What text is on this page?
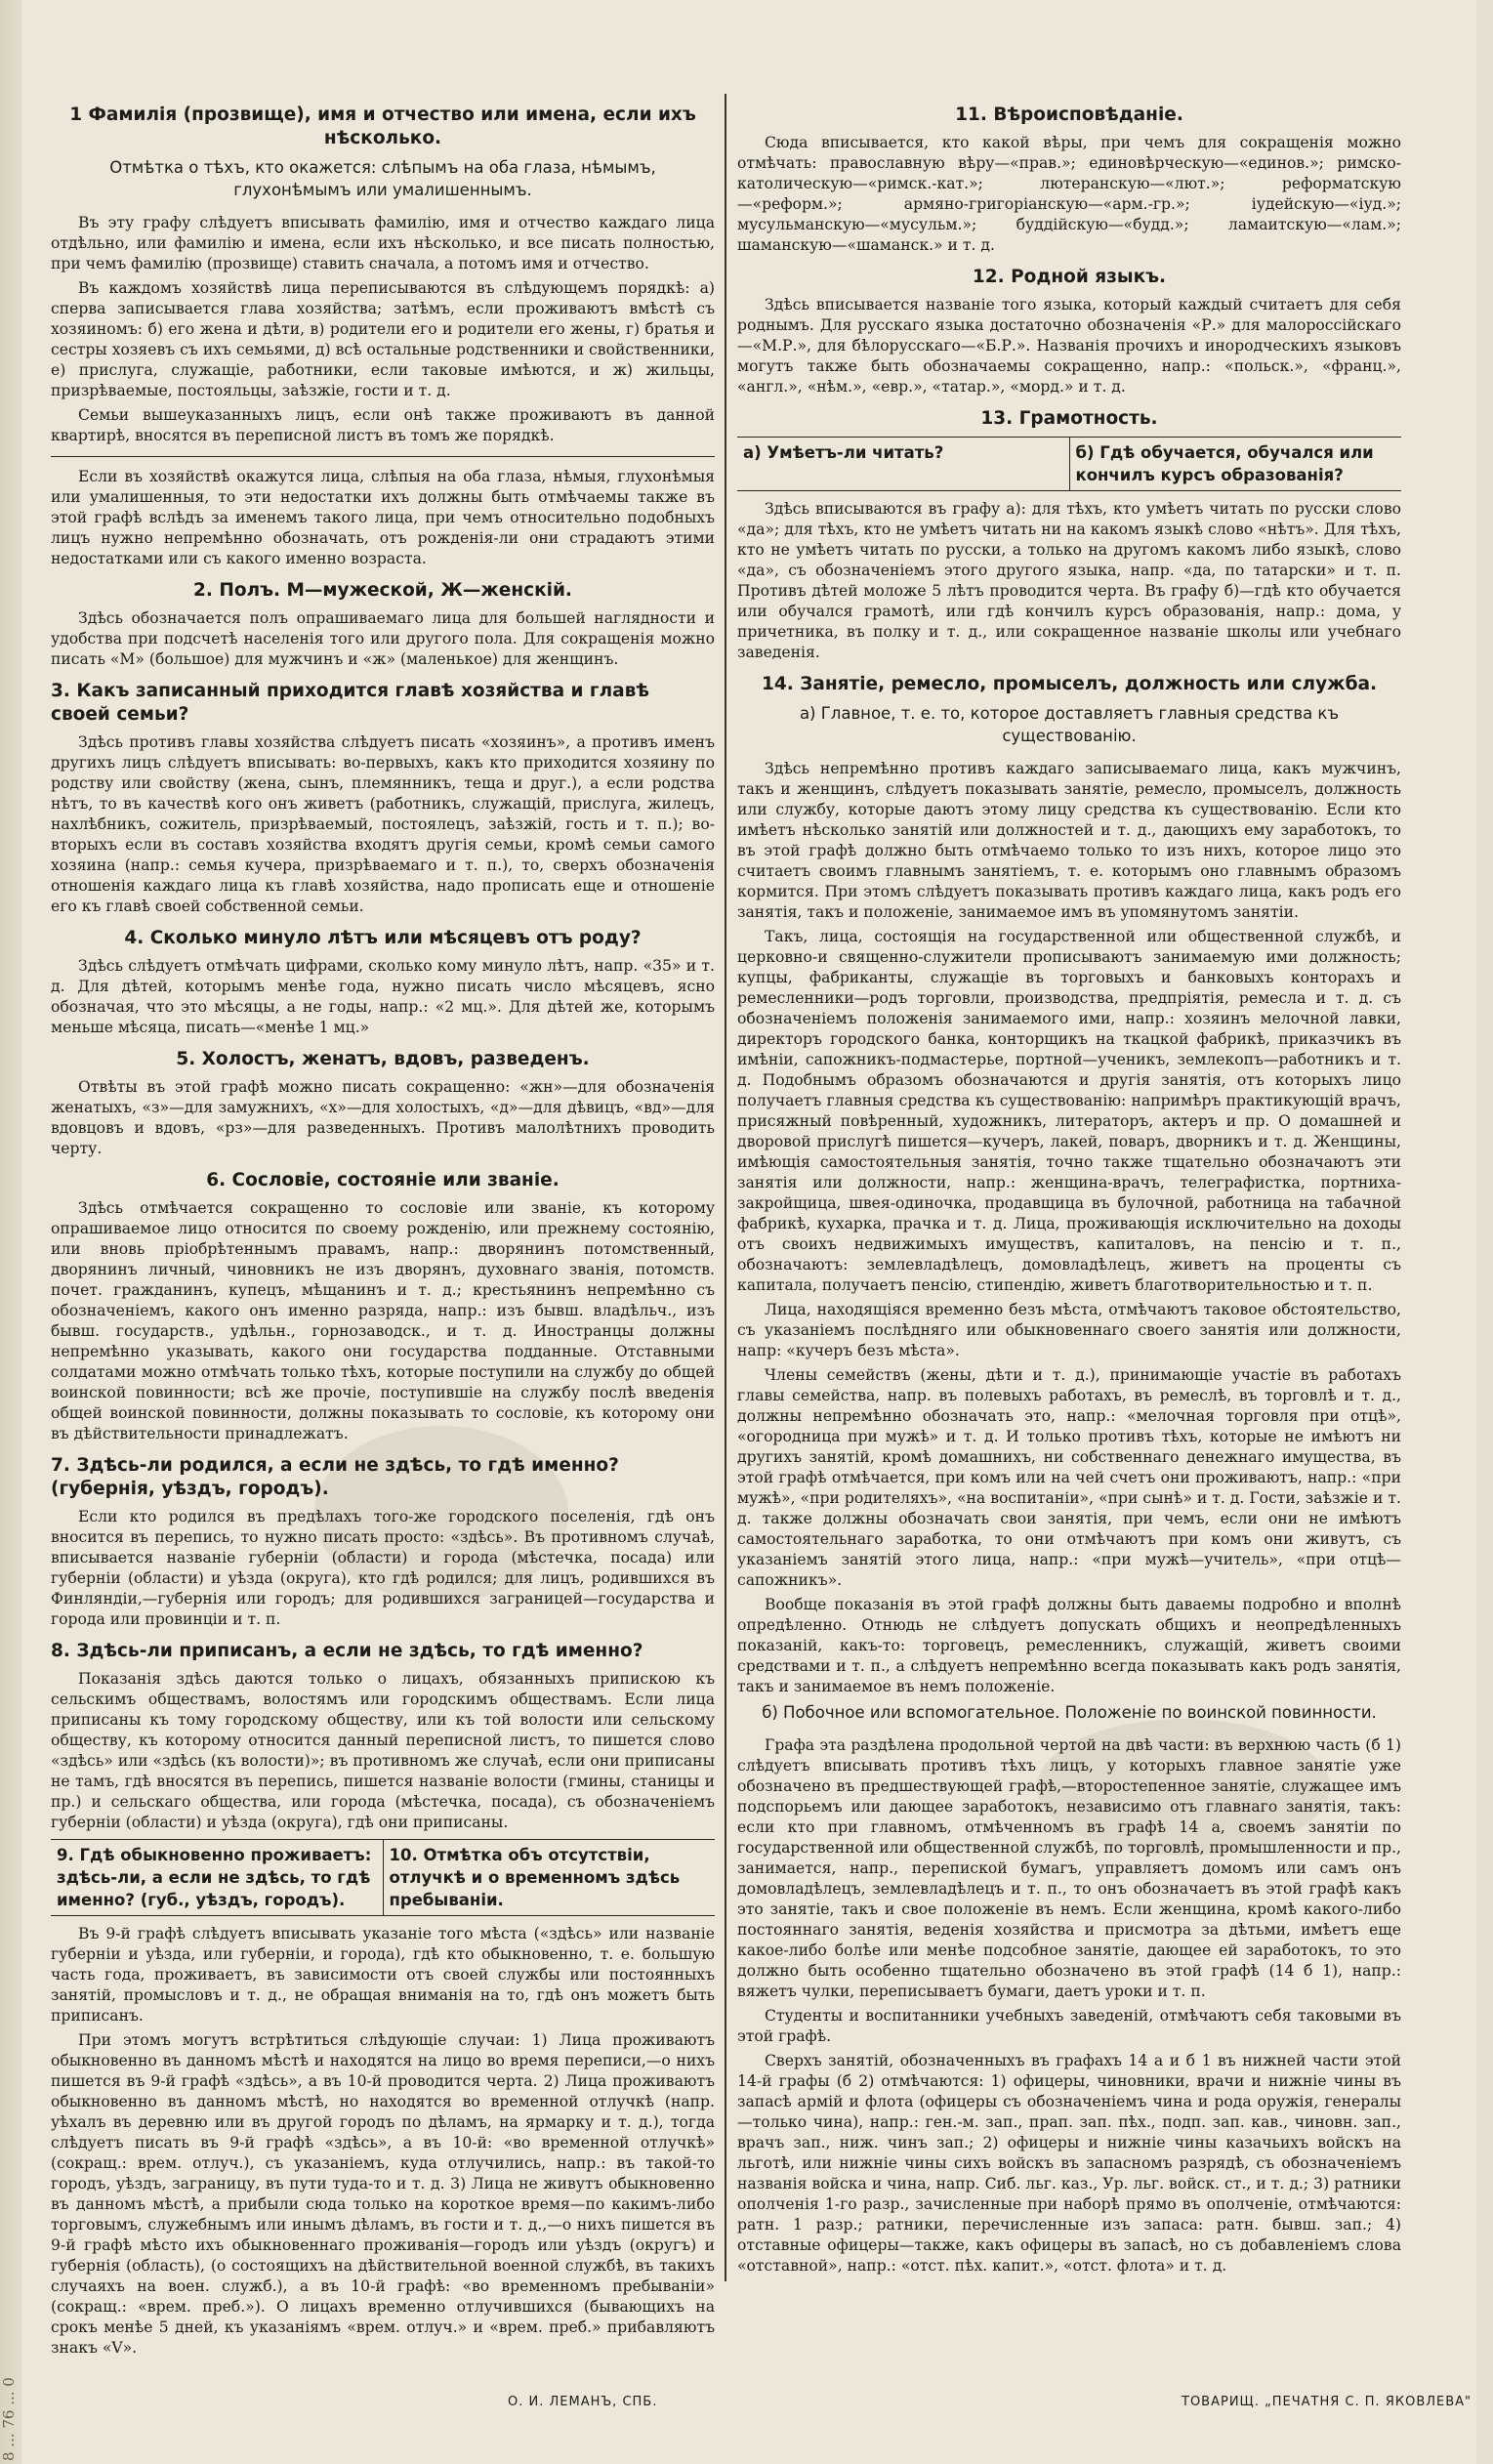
8 ... 76 ... 0
1 Фамилія (прозвище), имя и отчество или имена, если ихъ нѣсколько.
Отмѣтка о тѣхъ, кто окажется: слѣпымъ на оба глаза, нѣмымъ, глухонѣмымъ или умалишеннымъ.

Въ эту графу слѣдуетъ вписывать фамилію, имя и отчество каждаго лица отдѣльно, или фамилію и имена, если ихъ нѣсколько, и все писать полностью, при чемъ фамилію (прозвище) ставить сначала, а потомъ имя и отчество.

Въ каждомъ хозяйствѣ лица переписываются въ слѣдующемъ порядкѣ: а) сперва записывается глава хозяйства; затѣмъ, если проживаютъ вмѣстѣ съ хозяиномъ: б) его жена и дѣти, в) родители его и родители его жены, г) братья и сестры хозяевъ съ ихъ семьями, д) всѣ остальные родственники и свойственники, е) прислуга, служащіе, работники, если таковые имѣются, и ж) жильцы, призрѣваемые, постояльцы, заѣзжіе, гости и т. д.

Семьи вышеуказанныхъ лицъ, если онѣ также проживаютъ въ данной квартирѣ, вносятся въ переписной листъ въ томъ же порядкѣ.

Если въ хозяйствѣ окажутся лица, слѣпыя на оба глаза, нѣмыя, глухонѣмыя или умалишенныя, то эти недостатки ихъ должны быть отмѣчаемы также въ этой графѣ вслѣдъ за именемъ такого лица, при чемъ относительно подобныхъ лицъ нужно непремѣнно обозначать, отъ рожденія-ли они страдаютъ этими недостатками или съ какого именно возраста.

2. Полъ. М—мужеской, Ж—женскій.

Здѣсь обозначается полъ опрашиваемаго лица для большей наглядности и удобства при подсчетѣ населенія того или другого пола. Для сокращенія можно писать «М» (большое) для мужчинъ и «ж» (маленькое) для женщинъ.

3. Какъ записанный приходится главѣ хозяйства и главѣ своей семьи?

Здѣсь противъ главы хозяйства слѣдуетъ писать «хозяинъ», а противъ именъ другихъ лицъ слѣдуетъ вписывать: во-первыхъ, какъ кто приходится хозяину по родству или свойству (жена, сынъ, племянникъ, теща и друг.), а если родства нѣтъ, то въ качествѣ кого онъ живетъ (работникъ, служащій, прислуга, жилецъ, нахлѣбникъ, сожитель, призрѣваемый, постоялецъ, заѣзжій, гость и т. п.); во-вторыхъ если въ составъ хозяйства входятъ другія семьи, кромѣ семьи самого хозяина (напр.: семья кучера, призрѣваемаго и т. п.), то, сверхъ обозначенія отношенія каждаго лица къ главѣ хозяйства, надо прописать еще и отношеніе его къ главѣ своей собственной семьи.

4. Сколько минуло лѣтъ или мѣсяцевъ отъ роду?

Здѣсь слѣдуетъ отмѣчать цифрами, сколько кому минуло лѣтъ, напр. «35» и т. д. Для дѣтей, которымъ менѣе года, нужно писать число мѣсяцевъ, ясно обозначая, что это мѣсяцы, а не годы, напр.: «2 мц.». Для дѣтей же, которымъ меньше мѣсяца, писать—«менѣе 1 мц.»

5. Холостъ, женатъ, вдовъ, разведенъ.

Отвѣты въ этой графѣ можно писать сокращенно: «жн»—для обозначенія женатыхъ, «з»—для замужнихъ, «х»—для холостыхъ, «д»—для дѣвицъ, «вд»—для вдовцовъ и вдовъ, «рз»—для разведенныхъ. Противъ малолѣтнихъ проводить черту.

6. Сословіе, состояніе или званіе.

Здѣсь отмѣчается сокращенно то сословіе или званіе, къ которому опрашиваемое лицо относится по своему рожденію, или прежнему состоянію, или вновь пріобрѣтеннымъ правамъ, напр.: дворянинъ потомственный, дворянинъ личный, чиновникъ не изъ дворянъ, духовнаго званія, потомств. почет. гражданинъ, купецъ, мѣщанинъ и т. д.; крестьянинъ непремѣнно съ обозначеніемъ, какого онъ именно разряда, напр.: изъ бывш. владѣльч., изъ бывш. государств., удѣльн., горнозаводск., и т. д. Иностранцы должны непремѣнно указывать, какого они государства подданные. Отставными солдатами можно отмѣчать только тѣхъ, которые поступили на службу до общей воинской повинности; всѣ же прочіе, поступившіе на службу послѣ введенія общей воинской повинности, должны показывать то сословіе, къ которому они въ дѣйствительности принадлежатъ.

7. Здѣсь-ли родился, а если не здѣсь, то гдѣ именно? (губернія, уѣздъ, городъ).

Если кто родился въ предѣлахъ того-же городского поселенія, гдѣ онъ вносится въ перепись, то нужно писать просто: «здѣсь». Въ противномъ случаѣ, вписывается названіе губерніи (области) и города (мѣстечка, посада) или губерніи (области) и уѣзда (округа), кто гдѣ родился; для лицъ, родившихся въ Финляндіи,—губернія или городъ; для родившихся заграницей—государства и города или провинціи и т. п.

8. Здѣсь-ли приписанъ, а если не здѣсь, то гдѣ именно?

Показанія здѣсь даются только о лицахъ, обязанныхъ припискою къ сельскимъ обществамъ, волостямъ или городскимъ обществамъ. Если лица приписаны къ тому городскому обществу, или къ той волости или сельскому обществу, къ которому относится данный переписной листъ, то пишется слово «здѣсь» или «здѣсь (къ волости)»; въ противномъ же случаѣ, если они приписаны не тамъ, гдѣ вносятся въ перепись, пишется названіе волости (гмины, станицы и пр.) и сельскаго общества, или города (мѣстечка, посада), съ обозначеніемъ губерніи (области) и уѣзда (округа), гдѣ они приписаны.

9. Гдѣ обыкновенно проживаетъ: здѣсь-ли, а если не здѣсь, то гдѣ именно? (губ., уѣздъ, городъ).
10. Отмѣтка объ отсутствіи, отлучкѣ и о временномъ здѣсь пребываніи.

Въ 9-й графѣ слѣдуетъ вписывать указаніе того мѣста («здѣсь» или названіе губерніи и уѣзда, или губерніи, и города), гдѣ кто обыкновенно, т. е. большую часть года, проживаетъ, въ зависимости отъ своей службы или постоянныхъ занятій, промысловъ и т. д., не обращая вниманія на то, гдѣ онъ можетъ быть приписанъ.

При этомъ могутъ встрѣтиться слѣдующіе случаи: 1) Лица проживаютъ обыкновенно въ данномъ мѣстѣ и находятся на лицо во время переписи,—о нихъ пишется въ 9-й графѣ «здѣсь», а въ 10-й проводится черта. 2) Лица проживаютъ обыкновенно въ данномъ мѣстѣ, но находятся во временной отлучкѣ (напр. уѣхалъ въ деревню или въ другой городъ по дѣламъ, на ярмарку и т. д.), тогда слѣдуетъ писать въ 9-й графѣ «здѣсь», а въ 10-й: «во временной отлучкѣ» (сокращ.: врем. отлуч.), съ указаніемъ, куда отлучились, напр.: въ такой-то городъ, уѣздъ, заграницу, въ пути туда-то и т. д. 3) Лица не живутъ обыкновенно въ данномъ мѣстѣ, а прибыли сюда только на короткое время—по какимъ-либо торговымъ, служебнымъ или инымъ дѣламъ, въ гости и т. д.,—о нихъ пишется въ 9-й графѣ мѣсто ихъ обыкновеннаго проживанія—городъ или уѣздъ (округъ) и губернія (область), (о состоящихъ на дѣйствительной военной службѣ, въ такихъ случаяхъ на воен. служб.), а въ 10-й графѣ: «во временномъ пребываніи» (сокращ.: «врем. преб.»). О лицахъ временно отлучившихся (бывающихъ на срокъ менѣе 5 дней, къ указаніямъ «врем. отлуч.» и «врем. преб.» прибавляютъ знакъ «V».

11. Вѣроисповѣданіе.

Сюда вписывается, кто какой вѣры, при чемъ для сокращенія можно отмѣчать: православную вѣру—«прав.»; единовѣрческую—«единов.»; римско-католическую—«римск.-кат.»; лютеранскую—«лют.»; реформатскую—«реформ.»; армяно-григоріанскую—«арм.-гр.»; іудейскую—«іуд.»; мусульманскую—«мусульм.»; буддійскую—«будд.»; ламаитскую—«лам.»; шаманскую—«шаманск.» и т. д.

12. Родной языкъ.

Здѣсь вписывается названіе того языка, который каждый считаетъ для себя роднымъ. Для русскаго языка достаточно обозначенія «Р.» для малороссійскаго—«М.Р.», для бѣлорусскаго—«Б.Р.». Названія прочихъ и инородческихъ языковъ могутъ также быть обозначаемы сокращенно, напр.: «польск.», «франц.», «англ.», «нѣм.», «евр.», «татар.», «морд.» и т. д.

13. Грамотность.
а) Умѣетъ-ли читать?	б) Гдѣ обучается, обучался или кончилъ курсъ образованія?

Здѣсь вписываются въ графу а): для тѣхъ, кто умѣетъ читать по русски слово «да»; для тѣхъ, кто не умѣетъ читать ни на какомъ языкѣ слово «нѣтъ». Для тѣхъ, кто не умѣетъ читать по русски, а только на другомъ какомъ либо языкѣ, слово «да», съ обозначеніемъ этого другого языка, напр. «да, по татарски» и т. п. Противъ дѣтей моложе 5 лѣтъ проводится черта. Въ графу б)—гдѣ кто обучается или обучался грамотѣ, или гдѣ кончилъ курсъ образованія, напр.: дома, у причетника, въ полку и т. д., или сокращенное названіе школы или учебнаго заведенія.

14. Занятіе, ремесло, промыселъ, должность или служба.
а) Главное, т. е. то, которое доставляетъ главныя средства къ существованію.

Здѣсь непремѣнно противъ каждаго записываемаго лица, какъ мужчинъ, такъ и женщинъ, слѣдуетъ показывать занятіе, ремесло, промыселъ, должность или службу, которые даютъ этому лицу средства къ существованію. Если кто имѣетъ нѣсколько занятій или должностей и т. д., дающихъ ему заработокъ, то въ этой графѣ должно быть отмѣчаемо только то изъ нихъ, которое лицо это считаетъ своимъ главнымъ занятіемъ, т. е. которымъ оно главнымъ образомъ кормится. При этомъ слѣдуетъ показывать противъ каждаго лица, какъ родъ его занятія, такъ и положеніе, занимаемое имъ въ упомянутомъ занятіи.

Такъ, лица, состоящія на государственной или общественной службѣ, и церковно-и священно-служители прописываютъ занимаемую ими должность; купцы, фабриканты, служащіе въ торговыхъ и банковыхъ конторахъ и ремесленники—родъ торговли, производства, предпріятія, ремесла и т. д. съ обозначеніемъ положенія занимаемого ими, напр.: хозяинъ мелочной лавки, директоръ городского банка, конторщикъ на ткацкой фабрикѣ, приказчикъ въ имѣніи, сапожникъ-подмастерье, портной—ученикъ, землекопъ—работникъ и т. д. Подобнымъ образомъ обозначаются и другія занятія, отъ которыхъ лицо получаетъ главныя средства къ существованію: напримѣръ практикующій врачъ, присяжный повѣренный, художникъ, литераторъ, актеръ и пр. О домашней и дворовой прислугѣ пишется—кучеръ, лакей, поваръ, дворникъ и т. д. Женщины, имѣющія самостоятельныя занятія, точно также тщательно обозначаютъ эти занятія или должности, напр.: женщина-врачъ, телеграфистка, портниха-закройщица, швея-одиночка, продавщица въ булочной, работница на табачной фабрикѣ, кухарка, прачка и т. д. Лица, проживающія исключительно на доходы отъ своихъ недвижимыхъ имуществъ, капиталовъ, на пенсію и т. п., обозначаютъ: землевладѣлецъ, домовладѣлецъ, живетъ на проценты съ капитала, получаетъ пенсію, стипендію, живетъ благотворительностью и т. п.

Лица, находящіяся временно безъ мѣста, отмѣчаютъ таковое обстоятельство, съ указаніемъ послѣдняго или обыкновеннаго своего занятія или должности, напр: «кучеръ безъ мѣста».

Члены семействъ (жены, дѣти и т. д.), принимающіе участіе въ работахъ главы семейства, напр. въ полевыхъ работахъ, въ ремеслѣ, въ торговлѣ и т. д., должны непремѣнно обозначать это, напр.: «мелочная торговля при отцѣ», «огородница при мужѣ» и т. д. И только противъ тѣхъ, которые не имѣютъ ни другихъ занятій, кромѣ домашнихъ, ни собственнаго денежнаго имущества, въ этой графѣ отмѣчается, при комъ или на чей счетъ они проживаютъ, напр.: «при мужѣ», «при родителяхъ», «на воспитаніи», «при сынѣ» и т. д. Гости, заѣзжіе и т. д. также должны обозначать свои занятія, при чемъ, если они не имѣютъ самостоятельнаго заработка, то они отмѣчаютъ при комъ они живутъ, съ указаніемъ занятій этого лица, напр.: «при мужѣ—учитель», «при отцѣ—сапожникъ».

Вообще показанія въ этой графѣ должны быть даваемы подробно и вполнѣ опредѣленно. Отнюдь не слѣдуетъ допускать общихъ и неопредѣленныхъ показаній, какъ-то: торговецъ, ремесленникъ, служащій, живетъ своими средствами и т. п., а слѣдуетъ непремѣнно всегда показывать какъ родъ занятія, такъ и занимаемое въ немъ положеніе.

б) Побочное или вспомогательное. Положеніе по воинской повинности.

Графа эта раздѣлена продольной чертой на двѣ части: въ верхнюю часть (б 1) слѣдуетъ вписывать противъ тѣхъ лицъ, у которыхъ главное занятіе уже обозначено въ предшествующей графѣ,—второстепенное занятіе, служащее имъ подспорьемъ или дающее заработокъ, независимо отъ главнаго занятія, такъ: если кто при главномъ, отмѣченномъ въ графѣ 14 а, своемъ занятіи по государственной или общественной службѣ, по торговлѣ, промышленности и пр., занимается, напр., перепиской бумагъ, управляетъ домомъ или самъ онъ домовладѣлецъ, землевладѣлецъ и т. п., то онъ обозначаетъ въ этой графѣ какъ это занятіе, такъ и свое положеніе въ немъ. Если женщина, кромѣ какого-либо постояннаго занятія, веденія хозяйства и присмотра за дѣтьми, имѣетъ еще какое-либо болѣе или менѣе подсобное занятіе, дающее ей заработокъ, то это должно быть особенно тщательно обозначено въ этой графѣ (14 б 1), напр.: вяжетъ чулки, переписываетъ бумаги, даетъ уроки и т. п.

Студенты и воспитанники учебныхъ заведеній, отмѣчаютъ себя таковыми въ этой графѣ.

Сверхъ занятій, обозначенныхъ въ графахъ 14 а и б 1 въ нижней части этой 14-й графы (б 2) отмѣчаются: 1) офицеры, чиновники, врачи и нижніе чины въ запасѣ армій и флота (офицеры съ обозначеніемъ чина и рода оружія, генералы—только чина), напр.: ген.-м. зап., прап. зап. пѣх., подп. зап. кав., чиновн. зап., врачъ зап., ниж. чинъ зап.; 2) офицеры и нижніе чины казачьихъ войскъ на льготѣ, или нижніе чины сихъ войскъ въ запасномъ разрядѣ, съ обозначеніемъ названія войска и чина, напр. Сиб. льг. каз., Ур. льг. войск. ст., и т. д.; 3) ратники ополченія 1-го разр., зачисленные при наборѣ прямо въ ополченіе, отмѣчаются: ратн. 1 разр.; ратники, перечисленные изъ запаса: ратн. бывш. зап.; 4) отставные офицеры—также, какъ офицеры въ запасѣ, но съ добавленіемъ слова «отставной», напр.: «отст. пѣх. капит.», «отст. флота» и т. д.

О. И. ЛЕМАНЪ, СПБ.	ТОВАРИЩ. „ПЕЧАТНЯ С. П. ЯКОВЛЕВА"
